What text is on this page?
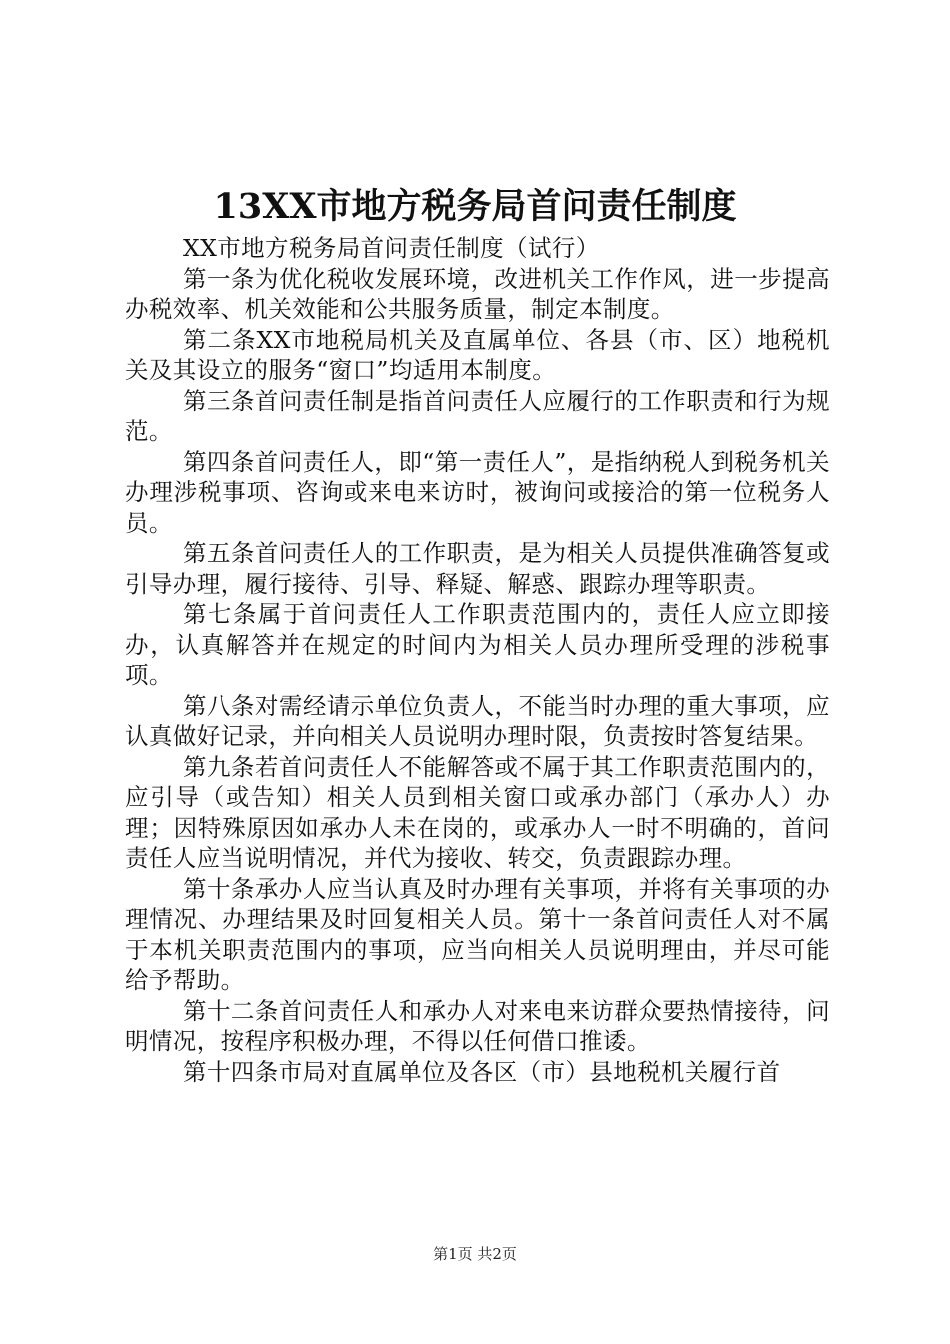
13XX市地方税务局首问责任制度

XX市地方税务局首问责任制度（试行）

第一条为优化税收发展环境，改进机关工作作风，进一步提高办税效率、机关效能和公共服务质量，制定本制度。

第二条XX市地税局机关及直属单位、各县（市、区）地税机关及其设立的服务“窗口”均适用本制度。

第三条首问责任制是指首问责任人应履行的工作职责和行为规范。

第四条首问责任人，即“第一责任人”，是指纳税人到税务机关办理涉税事项、咨询或来电来访时，被询问或接洽的第一位税务人员。

第五条首问责任人的工作职责，是为相关人员提供准确答复或引导办理，履行接待、引导、释疑、解惑、跟踪办理等职责。

第七条属于首问责任人工作职责范围内的，责任人应立即接办，认真解答并在规定的时间内为相关人员办理所受理的涉税事项。

第八条对需经请示单位负责人，不能当时办理的重大事项，应认真做好记录，并向相关人员说明办理时限，负责按时答复结果。

第九条若首问责任人不能解答或不属于其工作职责范围内的，应引导（或告知）相关人员到相关窗口或承办部门（承办人）办理；因特殊原因如承办人未在岗的，或承办人一时不明确的，首问责任人应当说明情况，并代为接收、转交，负责跟踪办理。

第十条承办人应当认真及时办理有关事项，并将有关事项的办理情况、办理结果及时回复相关人员。第十一条首问责任人对不属于本机关职责范围内的事项，应当向相关人员说明理由，并尽可能给予帮助。

第十二条首问责任人和承办人对来电来访群众要热情接待，问明情况，按程序积极办理，不得以任何借口推诿。

第十四条市局对直属单位及各区（市）县地税机关履行首

第1页 共2页
